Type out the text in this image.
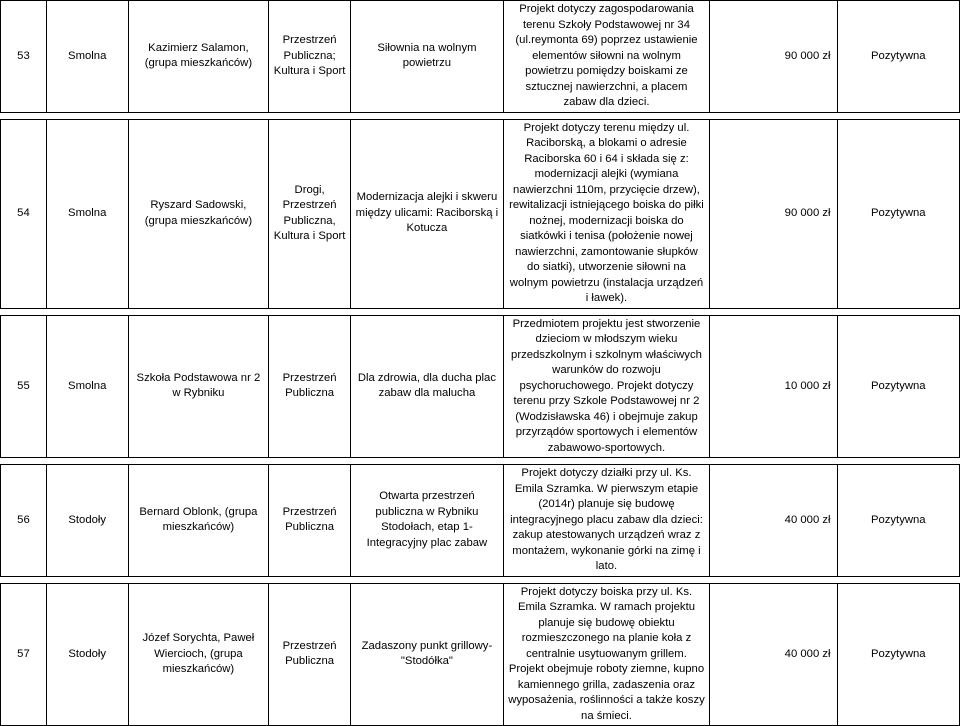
53	Smolna	Kazimierz Salamon, (grupa mieszkańców)	Przestrzeń Publiczna; Kultura i Sport	Siłownia na wolnym powietrzu	Projekt dotyczy zagospodarowania terenu Szkoły Podstawowej nr 34 (ul.reymonta 69) poprzez ustawienie elementów siłowni na wolnym powietrzu pomiędzy boiskami ze sztucznej nawierzchni, a placem zabaw dla dzieci.	90 000 zł	Pozytywna

54	Smolna	Ryszard Sadowski, (grupa mieszkańców)	Drogi, Przestrzeń Publiczna, Kultura i Sport	Modernizacja alejki i skweru między ulicami: Raciborską i Kotucza	Projekt dotyczy terenu między ul. Raciborską, a blokami o adresie Raciborska 60 i 64 i składa się z: modernizacji alejki (wymiana nawierzchni 110m, przycięcie drzew), rewitalizacji istniejącego boiska do piłki nożnej, modernizacji boiska do siatkówki i tenisa (położenie nowej nawierzchni, zamontowanie słupków do siatki), utworzenie siłowni na wolnym powietrzu (instalacja urządzeń i ławek).	90 000 zł	Pozytywna

55	Smolna	Szkoła Podstawowa nr 2 w Rybniku	Przestrzeń Publiczna	Dla zdrowia, dla ducha plac zabaw dla malucha	Przedmiotem projektu jest stworzenie dzieciom w młodszym wieku przedszkolnym i szkolnym właściwych warunków do rozwoju psychoruchowego. Projekt dotyczy terenu przy Szkole Podstawowej nr 2 (Wodzisławska 46) i obejmuje zakup przyrządów sportowych i elementów zabawowo-sportowych.	10 000 zł	Pozytywna

56	Stodoły	Bernard Oblonk, (grupa mieszkańców)	Przestrzeń Publiczna	Otwarta przestrzeń publiczna w Rybniku Stodołach, etap 1- Integracyjny plac zabaw	Projekt dotyczy działki przy ul. Ks. Emila Szramka. W pierwszym etapie (2014r) planuje się budowę integracyjnego placu zabaw dla dzieci: zakup atestowanych urządzeń wraz z montażem, wykonanie górki na zimę i lato.	40 000 zł	Pozytywna

57	Stodoły	Józef Sorychta, Paweł Wiercioch, (grupa mieszkańców)	Przestrzeń Publiczna	Zadaszony punkt grillowy- "Stodółka"	Projekt dotyczy boiska przy ul. Ks. Emila Szramka. W ramach projektu planuje się budowę obiektu rozmieszczonego na planie koła z centralnie usytuowanym grillem. Projekt obejmuje roboty ziemne, kupno kamiennego grilla, zadaszenia oraz wyposażenia, roślinności a także koszy na śmieci.	40 000 zł	Pozytywna
